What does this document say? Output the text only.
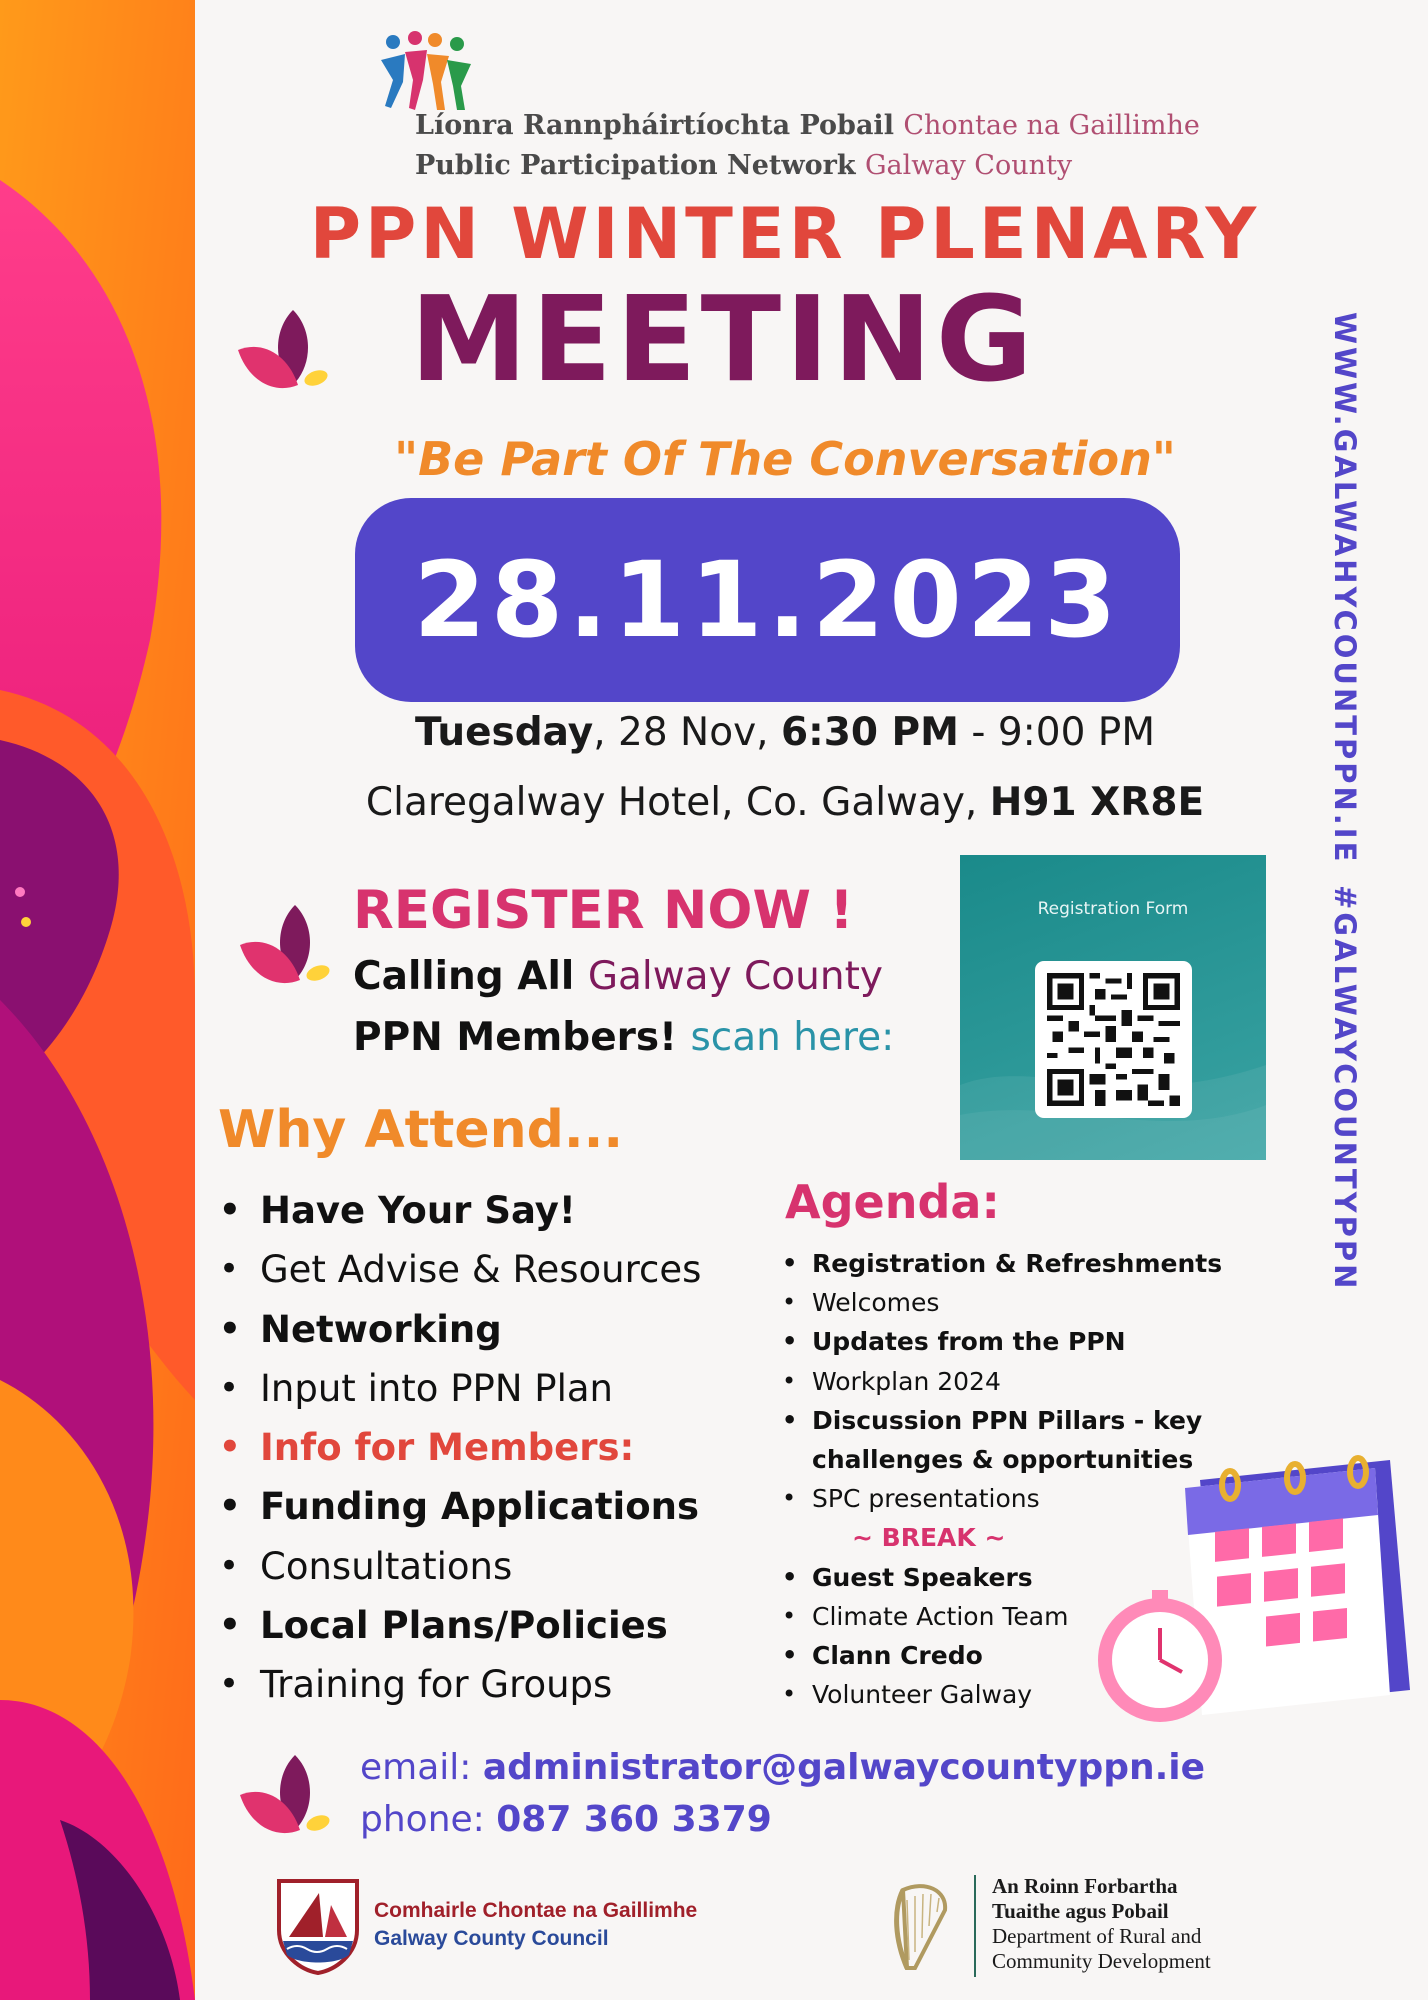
Líonra Rannpháirtíochta Pobail Chontae na Gaillimhe
Public Participation Network Galway County
PPN WINTER PLENARY
MEETING
"Be Part Of The Conversation"
28.11.2023
Tuesday, 28 Nov, 6:30 PM - 9:00 PM
Claregalway Hotel, Co. Galway, H91 XR8E
REGISTER NOW !
Calling All Galway County
PPN Members! scan here:
Registration Form
Why Attend...
• Have Your Say!
• Get Advise & Resources
• Networking
• Input into PPN Plan
• Info for Members:
• Funding Applications
• Consultations
• Local Plans/Policies
• Training for Groups
Agenda:
• Registration & Refreshments
• Welcomes
• Updates from the PPN
• Workplan 2024
• Discussion PPN Pillars - key
challenges & opportunities
• SPC presentations
~ BREAK ~
• Guest Speakers
• Climate Action Team
• Clann Credo
• Volunteer Galway
email: administrator@galwaycountyppn.ie
phone: 087 360 3379
WWW.GALWAHYCOUNTPPN.IE
#GALWAYCOUNTYPPN
Comhairle Chontae na Gaillimhe
Galway County Council
An Roinn Forbartha
Tuaithe agus Pobail
Department of Rural and
Community Development
